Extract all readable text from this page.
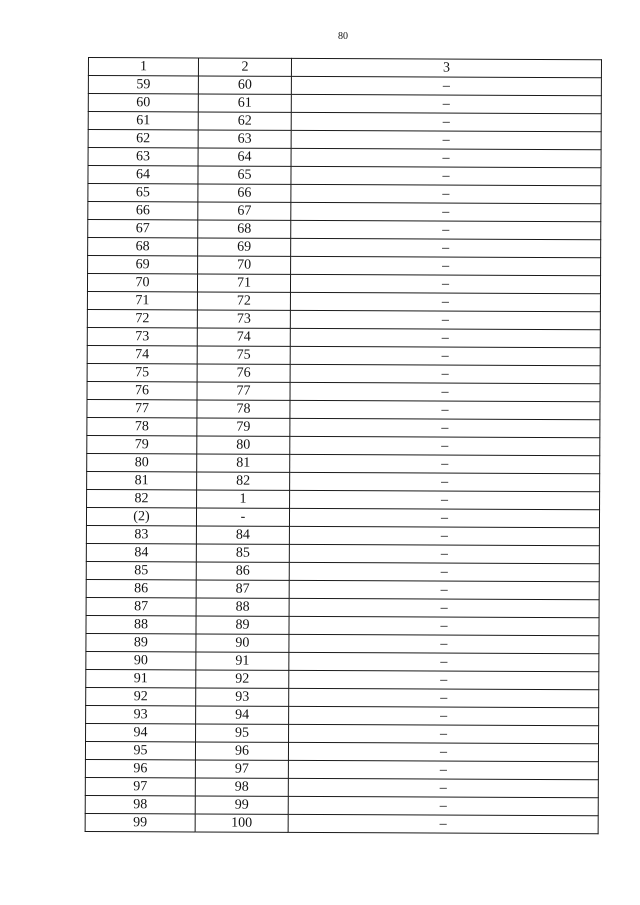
80
1	2	3
59	60	–
60	61	–
61	62	–
62	63	–
63	64	–
64	65	–
65	66	–
66	67	–
67	68	–
68	69	–
69	70	–
70	71	–
71	72	–
72	73	–
73	74	–
74	75	–
75	76	–
76	77	–
77	78	–
78	79	–
79	80	–
80	81	–
81	82	–
82	1	–
(2)	-	–
83	84	–
84	85	–
85	86	–
86	87	–
87	88	–
88	89	–
89	90	–
90	91	–
91	92	–
92	93	–
93	94	–
94	95	–
95	96	–
96	97	–
97	98	–
98	99	–
99	100	–
